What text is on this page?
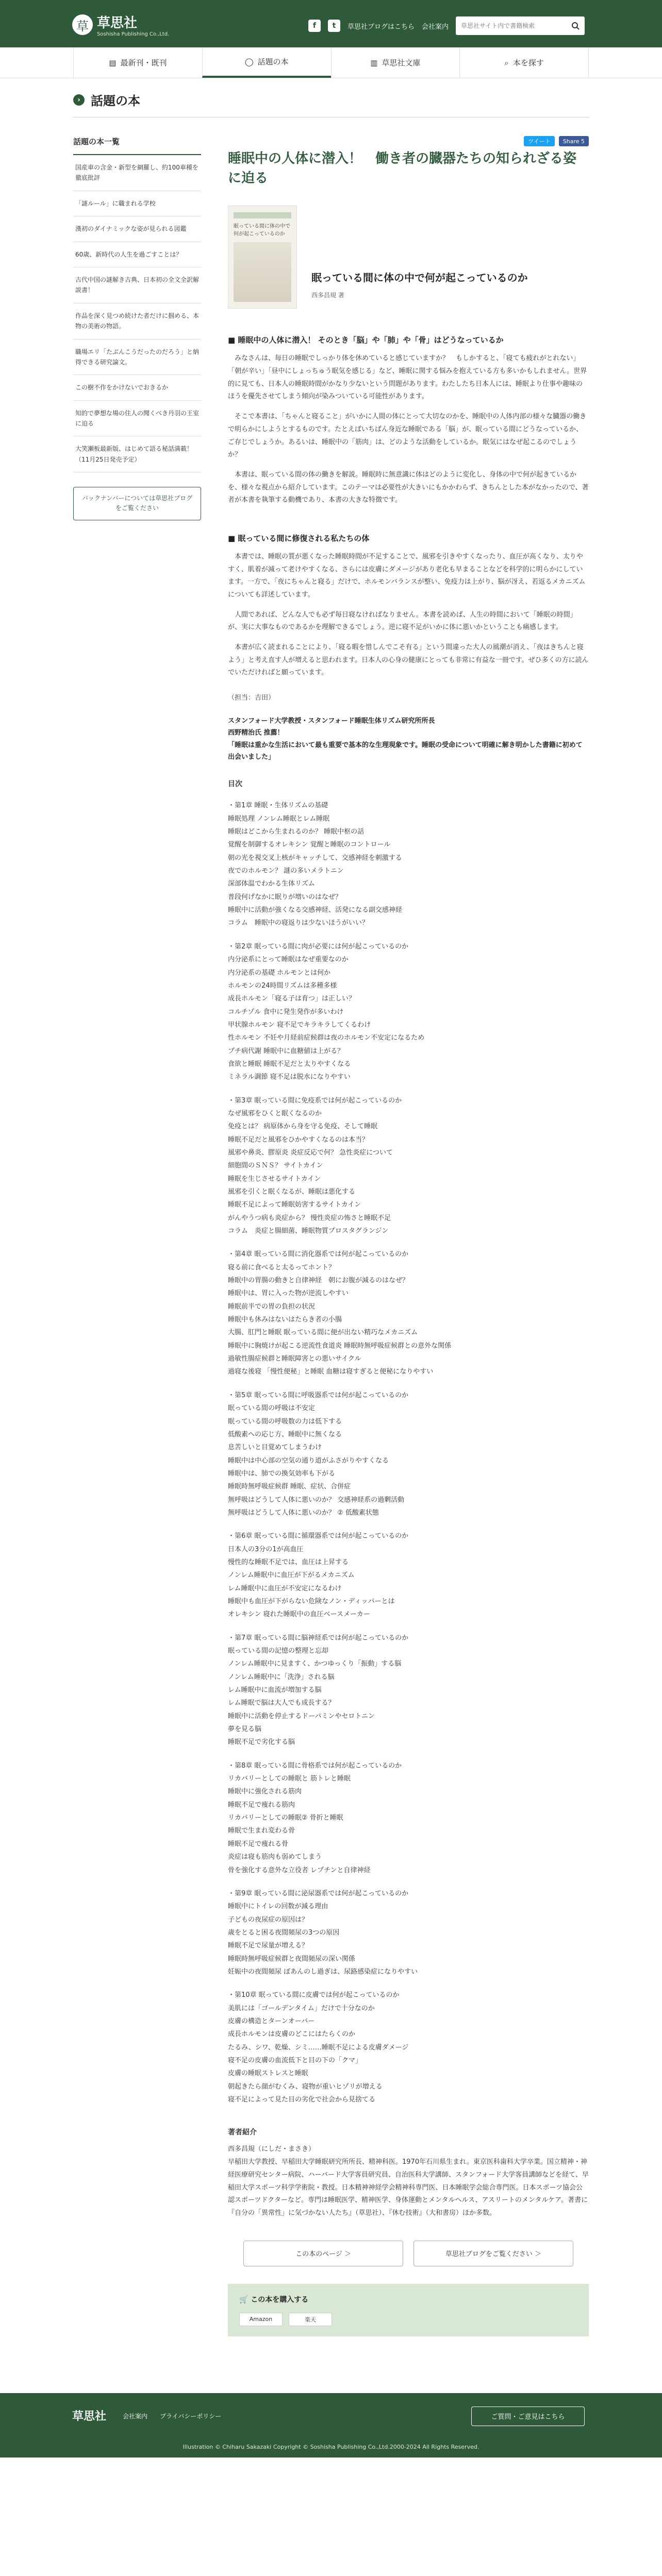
草 草思社
Soshisha Publishing Co.,Ltd.
f	t	草思社ブログはこちら 会社案内
草思社サイト内で書籍検索
▤ 最新刊・既刊	◯ 話題の本	▥ 草思社文庫	⌕ 本を探す
› 話題の本
話題の本一覧
国産車の含金・新型を網羅し、約100車種を徹底批評
「謎ルール」に職まれる学校
漢初のダイナミックな姿が見られる図鑑
60歳、新時代の人生を過ごすことは？
古代中国の謎解き古典、日本初の全文全訳解説書！
作品を深く見つめ続けた者だけに掴める、本物の美術の物語。
職場エリ「たぶんこうだったのだろう」と納得できる研究論文。
この樹不作をかけないでおきるか
知的で夢想な場の住人の聞くべき丹羽の王室に迫る
大笑瀬板最新版、はじめて語る秘話満載！（11月25日発売予定）
バックナンバーについては草思社ブログをご覧ください
ツイート	Share 5
睡眠中の人体に潜入！　働き者の臓器たちの知られざる姿に迫る
眠っている間に体の中で何が起こっているのか
眠っている間に体の中で何が起こっているのか
西多昌規 著
■ 睡眠中の人体に潜入！ そのとき「脳」や「肺」や「骨」はどうなっているか

みなさんは、毎日の睡眠でしっかり体を休めていると感じていますか？　もしかすると、「寝ても疲れがとれない」「朝が辛い」「昼中にしょっちゅう眠気を感じる」など、睡眠に関する悩みを抱えている方も多いかもしれません。世界的に見ても、日本人の睡眠時間がかなり少ないという問題があります。わたしたち日本人には、睡眠より仕事や趣味のほうを優先させてしまう傾向が染みついている可能性があります。

そこで本書は、「ちゃんと寝ること」がいかに人間の体にとって大切なのかを、睡眠中の人体内部の様々な臓器の働きで明らかにしようとするものです。たとえばいちばん身近な睡眠である「脳」が、眠っている間にどうなっているか、ご存じでしょうか。あるいは、睡眠中の「筋肉」は、どのような活動をしているか。眠気にはなぜ起こるのでしょうか？

本書は、眠っている間の体の働きを解説。睡眠時に無意識に体はどのように変化し、身体の中で何が起きているかを、様々な視点から紹介しています。このテーマは必要性が大きいにもかかわらず、きちんとした本がなかったので、著者が本書を執筆する動機であり、本書の大きな特徴です。

■ 眠っている間に修復される私たちの体

本書では、睡眠の質が悪くなった睡眠時間が不足することで、風邪を引きやすくなったり、血圧が高くなり、太りやすく、肌着が減って老けやすくなる、さらには皮膚にダメージがあり老化も早まることなどを科学的に明らかにしています。一方で、「夜にちゃんと寝る」だけで、ホルモンバランスが整い、免疫力は上がり、脳が冴え、若返るメカニズムについても詳述しています。

人間であれば、どんな人でも必ず毎日寝なければなりません。本書を読めば、人生の時間において「睡眠の時間」が、実に大事なものであるかを理解できるでしょう。逆に寝不足がいかに体に悪いかということも痛感します。

本書が広く読まれることにより、「寝る暇を惜しんでこそ有る」という間違った大人の風潮が消え、「夜はきちんと寝よう」と考え直す人が増えると思われます。日本人の心身の健康にとっても非常に有益な一冊です。ぜひ多くの方に読んでいただければと願っています。

（担当：吉田）

スタンフォード大学教授・スタンフォード睡眠生体リズム研究所所長
西野精治氏 推薦！
「睡眠は重かな生活において最も重要で基本的な生理現象です。睡眠の受命について明確に解き明かした書籍に初めて出会いました」

目次
・第1章 睡眠・生体リズムの基礎
睡眠処理 ノンレム睡眠とレム睡眠
睡眠はどこから生まれるのか？ 睡眠中枢の話
覚醒を制御するオレキシン 覚醒と睡眠のコントロール
朝の光を視交叉上核がキャッチして、交感神経を刺激する
夜でのホルモン？ 謎の多いメラトニン
深部体温でわかる生体リズム
普段何げなかに眠りが増いのはなぜ？
睡眠中に活動が強くなる交感神経、活発になる副交感神経
コラム　睡眠中の寝返りは少ないほうがいい？
・第2章 眠っている間に肉が必要には何が起こっているのか
内分泌系にとって睡眠はなぜ重要なのか
内分泌系の基礎 ホルモンとは何か
ホルモンの24時間リズムは多種多様
成長ホルモン「寝る子は育つ」は正しい？
コルチゾル 食中に発生発作が多いわけ
甲状腺ホルモン 寝不足でキラキラしてくるわけ
性ホルモン 不妊や月経前症候群は夜のホルモン不安定になるため
プチ病代謝 睡眠中に血糖値は上がる？
食欲と睡眠 睡眠不足だと太りやすくなる
ミネラル調節 寝不足は脱水になりやすい
・第3章 眠っている間に免疫系では何が起こっているのか
なぜ風邪をひくと眠くなるのか
免疫とは？ 病原体から身を守る免疫、そして睡眠
睡眠不足だと風邪をひかやすくなるのは本当？
風邪や鼻炎、膠原炎 炎症反応で何？ 急性炎症について
細胞間のＳＮＳ？ サイトカイン
睡眠を生じさせるサイトカイン
風邪を引くと眠くなるが、睡眠は悪化する
睡眠不足によって睡眠妨害するサイトカイン
がんやうつ病も炎症から？ 慢性炎症の怖さと睡眠不足
コラム　炎症と腸細菌、睡眠物質プロスタグランジン
・第4章 眠っている間に消化器系では何が起こっているのか
寝る前に食べると太るってホント？
睡眠中の胃腸の動きと自律神経　朝にお腹が減るのはなぜ？
睡眠中は、胃に入った物が逆流しやすい
睡眠前半での胃の負担の状況
睡眠中も休みはないはたらき者の小腸
大腸、肛門と睡眠 眠っている間に便が出ない精巧なメカニズム
睡眠中に胸焼けが起こる逆流性食道炎 睡眠時無呼吸症候群との意外な関係
過敏性腸症候群と睡眠障害との悪いサイクル
過寝な後寝 「慢性便秘」と睡眠 血糖は寝すぎると便秘になりやすい
・第5章 眠っている間に呼吸器系では何が起こっているのか
眠っている間の呼吸は不安定
眠っている間の呼吸数の力は低下する
低酸素への応じ方、睡眠中に無くなる
息苦しいと目覚めてしまうわけ
睡眠中は中心部の空気の通り道がふさがりやすくなる
睡眠中は、肺での換気効率も下がる
睡眠時無呼吸症候群 睡眠、症状、合併症
無呼吸はどうして人体に悪いのか？ 交感神経系の過剰活動
無呼吸はどうして人体に悪いのか？ ② 低酸素状態
・第6章 眠っている間に循環器系では何が起こっているのか
日本人の3分の1が高血圧
慢性的な睡眠不足では、血圧は上昇する
ノンレム睡眠中に血圧が下がるメカニズム
レム睡眠中に血圧が不安定になるわけ
睡眠中も血圧が下がらない危険なノン・ディッパーとは
オレキシン 寝れた睡眠中の血圧ベースメーカー
・第7章 眠っている間に脳神経系では何が起こっているのか
眠っている間の記憶の整理と忘却
ノンレム睡眠中に見ますく、かつゆっくり「振動」する脳
ノンレム睡眠中に「洗浄」される脳
レム睡眠中に血流が増加する脳
レム睡眠で脳は大人でも成長する？
睡眠中に活動を停止するドーパミンやセロトニン
夢を見る脳
睡眠不足で劣化する脳
・第8章 眠っている間に骨格系では何が起こっているのか
リカバリーとしての睡眠と 筋トレと睡眠
睡眠中に強化される筋肉
睡眠不足で痩れる筋肉
リカバリーとしての睡眠② 骨折と睡眠
睡眠で生まれ変わる骨
睡眠不足で痩れる骨
炎症は寝も筋肉も弱めてしまう
骨を強化する意外な立役者 レプチンと自律神経
・第9章 眠っている間に泌尿器系では何が起こっているのか
睡眠中にトイレの回数が減る理由
子どもの夜尿症の原因は？
歳をとると困る夜間頻尿の3つの原因
睡眠不足で尿量が増える？
睡眠時無呼吸症候群と夜間頻尿の深い関係
妊娠中の夜間頻尿 ぼあんのし過ぎは、尿路感染症になりやすい
・第10章 眠っている間に皮膚では何が起こっているのか
美肌には「ゴールデンタイム」だけで十分なのか
皮膚の構造とターンオーバー
成長ホルモンは皮膚のどこにはたらくのか
たるみ、シワ、乾燥、シミ……睡眠不足による皮膚ダメージ
寝不足の皮膚の血流低下と目の下の「クマ」
皮膚の睡眠ストレスと睡眠
朝起きたら顔がむくみ、寝物が重いヒゾリが増える
寝不足によって見た目の劣化で社会から見捨てる
著者紹介
西多昌規（にしだ・まさき）

早稲田大学教授、早稲田大学睡眠研究所所長、精神科医。1970年石川県生まれ。東京医科歯科大学卒業。国立精神・神経医療研究センター病院、ハーバード大学客員研究員、自治医科大学講師、スタンフォード大学客員講師などを経て、早稲田大学スポーツ科学学術院・教授。日本精神神経学会精神科専門医、日本睡眠学会総合専門医。日本スポーツ協会公認スポーツドクターなど。専門は睡眠医学、精神医学、身体運動とメンタルヘルス、アスリートのメンタルケア。著書に『自分の「異常性」に気づかない人たち』（草思社）、『休む技術』（大和書房）ほか多数。

この本のページ ＞	草思社ブログをご覧ください ＞
🛒 この本を購入する
Amazon	楽天
草思社	会社案内 プライバシーポリシー	ご質問・ご意見はこちら
Illustration © Chiharu Sakazaki Copyright © Soshisha Publishing Co.,Ltd.2000-2024 All Rights Reserved.
